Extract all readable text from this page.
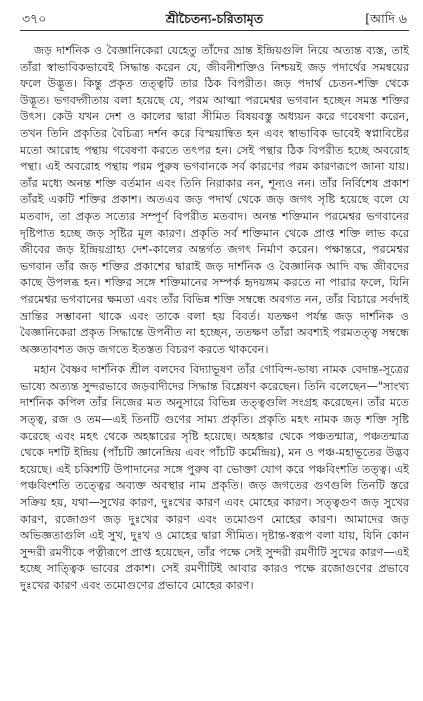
৩৭০	শ্রীচৈতন্য-চরিতামৃত	[আদি ৬

জড় দার্শনিক ও বৈজ্ঞানিকেরা যেহেতু তাঁদের ভ্রান্ত ইন্দ্রিয়গুলি নিয়ে অত্যন্ত ব্যস্ত, তাই তাঁরা স্বাভাবিকভাবেই সিদ্ধান্ত করেন যে, জীবনীশক্তিও নিশ্চয়ই জড় পদার্থের সমন্বয়ের ফলে উদ্ভূত। কিন্তু প্রকৃত তত্ত্বটি তার ঠিক বিপরীত। জড় পদার্থ চেতন-শক্তি থেকে উদ্ভূত। ভগবদ্গীতায় বলা হয়েছে যে, পরম আত্মা পরমেশ্বর ভগবান হচ্ছেন সমস্ত শক্তির উৎস। কেউ যখন দেশ ও কালের দ্বারা সীমিত বিষয়বস্তু অধ্যয়ন করে গবেষণা করেন, তখন তিনি প্রকৃতির বৈচিত্র্য দর্শন করে বিস্ময়ান্বিত হন এবং স্বাভাবিক ভাবেই স্বপ্নাবিষ্টের মতো আরোহ পন্থায় গবেষণা করতে তৎপর হন। সেই পন্থার ঠিক বিপরীত হচ্ছে অবরোহ পন্থা। এই অবরোহ পন্থায় পরম পুরুষ ভগবানকে সর্ব কারণের পরম কারণরূপে জানা যায়। তাঁর মধ্যে অনন্ত শক্তি বর্তমান এবং তিনি নিরাকার নন, শূন্যও নন। তাঁর নির্বিশেষ প্রকাশ তাঁরই একটি শক্তির প্রকাশ। অতএব জড় পদার্থ থেকে জড় জগৎ সৃষ্টি হয়েছে বলে যে মতবাদ, তা প্রকৃত সত্যের সম্পূর্ণ বিপরীত মতবাদ। অনন্ত শক্তিমান পরমেশ্বর ভগবানের দৃষ্টিপাত হচ্ছে জড় সৃষ্টির মূল কারণ। প্রকৃতি সর্ব শক্তিমান থেকে প্রাপ্ত শক্তি লাভ করে জীবের জড় ইন্দ্রিয়গ্রাহ্য দেশ-কালের অন্তর্গত জগৎ নির্মাণ করেন। পক্ষান্তরে, পরমেশ্বর ভগবান তাঁর জড় শক্তির প্রকাশের দ্বারাই জড় দার্শনিক ও বৈজ্ঞানিক আদি বদ্ধ জীবদের কাছে উপলব্ধ হন। শক্তির সঙ্গে শক্তিমানের সম্পর্ক হৃদয়ঙ্গম করতে না পারার ফলে, যিনি পরমেশ্বর ভগবানের ক্ষমতা এবং তাঁর বিভিন্ন শক্তি সম্বন্ধে অবগত নন, তাঁর বিচারে সর্বদাই ভ্রান্তির সম্ভাবনা থাকে এবং তাকে বলা হয় বিবর্ত। যতক্ষণ পর্যন্ত জড় দার্শনিক ও বৈজ্ঞানিকেরা প্রকৃত সিদ্ধান্তে উপনীত না হচ্ছেন, ততক্ষণ তাঁরা অবশ্যই পরমতত্ত্ব সম্বন্ধে অজ্ঞতাবশত জড় জগতে ইতস্তত বিচরণ করতে থাকবেন।

মহান বৈষ্ণব দার্শনিক শ্রীল বলদেব বিদ্যাভূষণ তাঁর গোবিন্দ-ভাষ্য নামক বেদান্ত-সূত্রের ভাষ্যে অত্যন্ত সুন্দরভাবে জড়বাদীদের সিদ্ধান্ত বিশ্লেষণ করেছেন। তিনি বলেছেন—"সাংখ্য দার্শনিক কপিল তাঁর নিজের মত অনুসারে বিভিন্ন তত্ত্বগুলি সংগ্রহ করেছেন। তাঁর মতে সত্ত্ব, রজ ও তম—এই তিনটি গুণের সাম্য প্রকৃতি। প্রকৃতি মহৎ নামক জড় শক্তি সৃষ্টি করেছে এবং মহৎ থেকে অহঙ্কারের সৃষ্টি হয়েছে। অহঙ্কার থেকে পঞ্চতন্মাত্র, পঞ্চতন্মাত্র থেকে দশটি ইন্দ্রিয় (পাঁচটি জ্ঞানেন্দ্রিয় এবং পাঁচটি কর্মেন্দ্রিয়), মন ও পঞ্চ-মহাভূতের উদ্ভব হয়েছে। এই চব্বিশটি উপাদানের সঙ্গে পুরুষ বা ভোক্তা যোগ করে পঞ্চবিংশতি তত্ত্ব। এই পঞ্চবিংশতি তত্ত্বের অব্যক্ত অবস্থার নাম প্রকৃতি। জড় জগতের গুণগুলি তিনটি স্তরে সক্রিয় হয়, যথা—সুখের কারণ, দুঃখের কারণ এবং মোহের কারণ। সত্ত্বগুণ জড় সুখের কারণ, রজোগুণ জড় দুঃখের কারণ এবং তমোগুণ মোহের কারণ। আমাদের জড় অভিজ্ঞতাগুলি এই সুখ, দুঃখ ও মোহের দ্বারা সীমিত। দৃষ্টান্ত-স্বরূপ বলা যায়, যিনি কোন সুন্দরী রমণীকে পত্নীরূপে প্রাপ্ত হয়েছেন, তাঁর পক্ষে সেই সুন্দরী রমণীটি সুখের কারণ—এই হচ্ছে সাত্ত্বিক ভাবের প্রকাশ। সেই রমণীটিই আবার কারও পক্ষে রজোগুণের প্রভাবে দুঃখের কারণ এবং তমোগুণের প্রভাবে মোহের কারণ।
